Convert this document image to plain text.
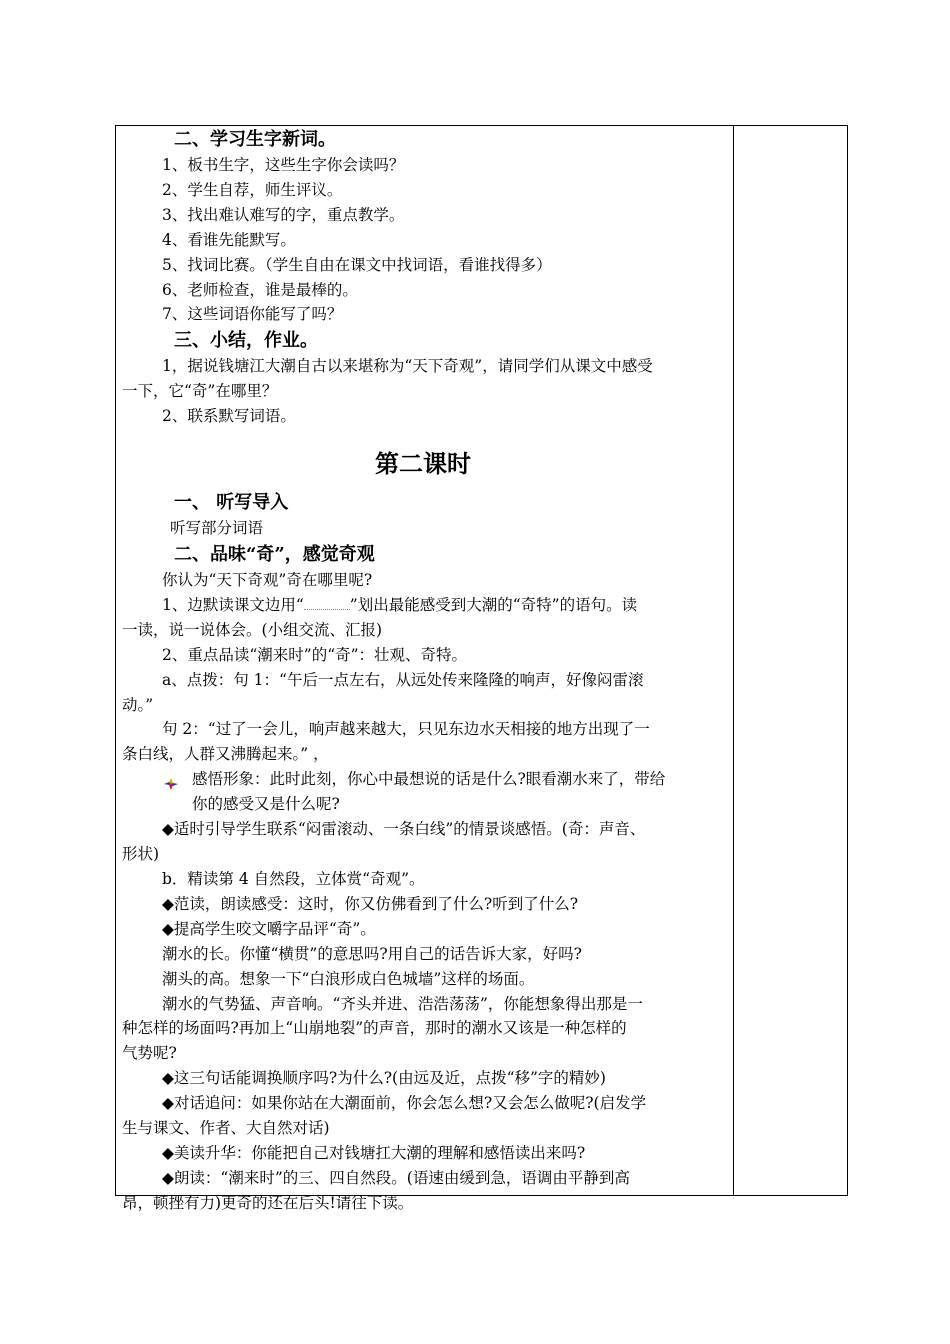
二、学习生字新词。
1、板书生字，这些生字你会读吗？
2、学生自荐，师生评议。
3、找出难认难写的字，重点教学。
4、看谁先能默写。
5、找词比赛。（学生自由在课文中找词语，看谁找得多）
6、老师检查，谁是最棒的。
7、这些词语你能写了吗？
三、小结，作业。
1，据说钱塘江大潮自古以来堪称为“天下奇观”，请同学们从课文中感受
一下，它“奇”在哪里？
2、联系默写词语。
第二课时
一、 听写导入
听写部分词语
二、品味“奇”，感觉奇观
你认为“天下奇观”奇在哪里呢?
1、边默读课文边用“	”划出最能感受到大潮的“奇特”的语句。读
一读，说一说体会。(小组交流、汇报)
2、重点品读“潮来时”的“奇”：壮观、奇特。
a、点拨：句 1：“午后一点左右，从远处传来隆隆的响声，好像闷雷滚
动。”
句 2：“过了一会儿，响声越来越大，只见东边水天相接的地方出现了一
条白线，人群又沸腾起来。” ，
感悟形象：此时此刻，你心中最想说的话是什么?眼看潮水来了，带给
你的感受又是什么呢?
◆适时引导学生联系“闷雷滚动、一条白线”的情景谈感悟。(奇：声音、
形状)
b．精读第 4 自然段，立体赏“奇观”。
◆范读，朗读感受：这时，你又仿佛看到了什么?听到了什么?
◆提高学生咬文嚼字品评“奇”。
潮水的长。你懂“横贯”的意思吗?用自己的话告诉大家，好吗?
潮头的高。想象一下“白浪形成白色城墙”这样的场面。
潮水的气势猛、声音响。“齐头并进、浩浩荡荡”，你能想象得出那是一
种怎样的场面吗?再加上“山崩地裂”的声音，那时的潮水又该是一种怎样的
气势呢?
◆这三句话能调换顺序吗?为什么?(由远及近，点拨“移”字的精妙)
◆对话追问：如果你站在大潮面前，你会怎么想?又会怎么做呢?(启发学
生与课文、作者、大自然对话)
◆美读升华：你能把自己对钱塘扛大潮的理解和感悟读出来吗?
◆朗读：“潮来时”的三、四自然段。(语速由缓到急，语调由平静到高
昂，顿挫有力)更奇的还在后头!请往下读。
